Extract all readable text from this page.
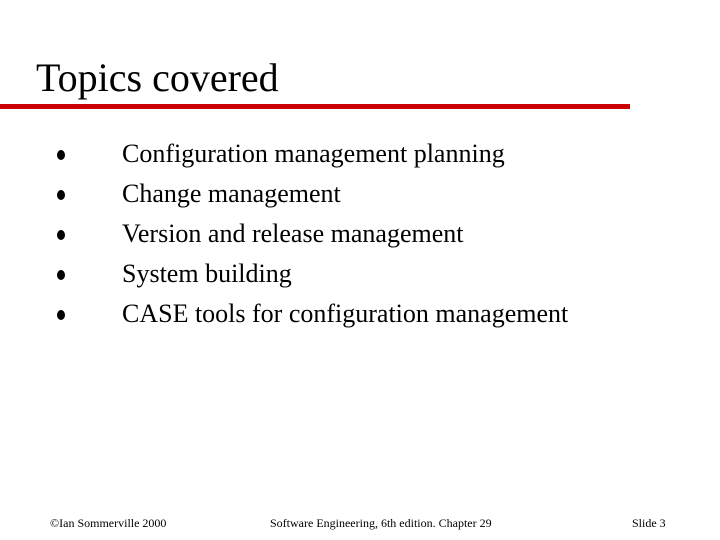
Topics covered
Configuration management planning
Change management
Version and release management
System building
CASE tools for configuration management
©Ian Sommerville 2000	Software Engineering, 6th edition. Chapter 29	Slide 3
